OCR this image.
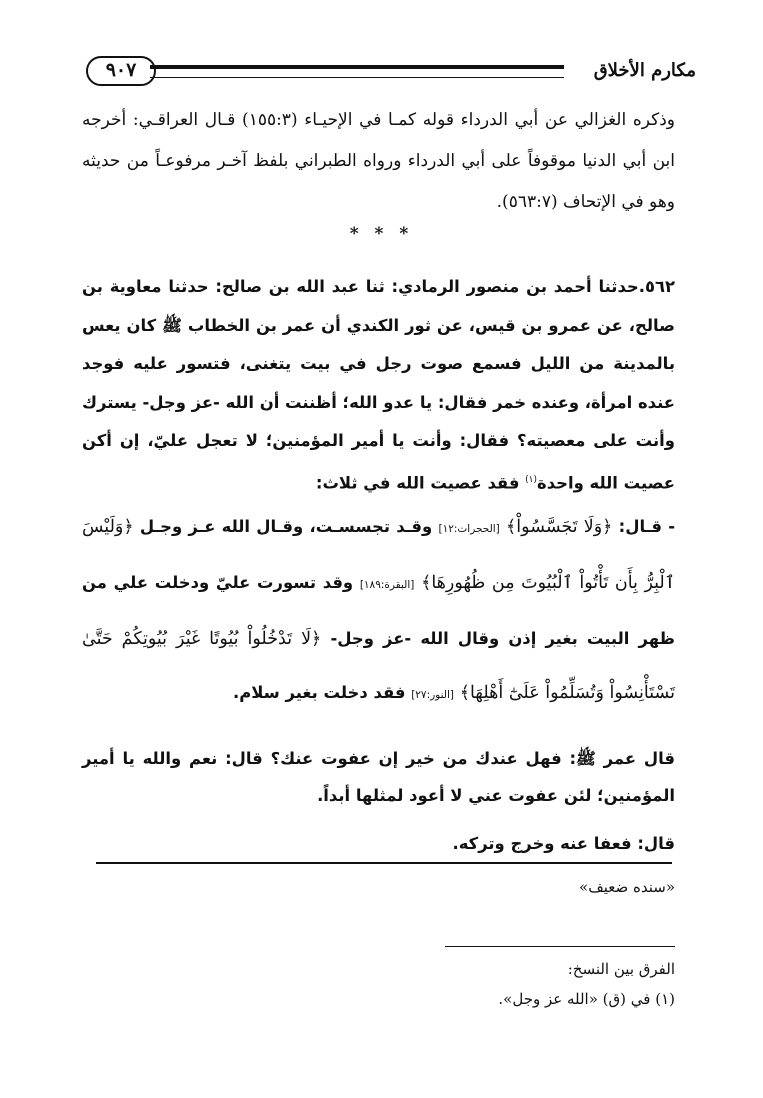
مكارم الأخلاق
٩٠٧
وذكره الغزالي عن أبي الدرداء قوله كمـا في الإحيـاء (١٥٥:٣) قـال العراقـي: أخرجه ابن أبي الدنيا موقوفاً على أبي الدرداء ورواه الطبراني بلفظ آخـر مرفوعـاً من حديثه وهو في الإتحاف (٥٦٣:٧).
* * *
٥٦٢.حدثنا أحمد بن منصور الرمادي: ثنا عبد الله بن صالح: حدثنا معاوية بن صالح، عن عمرو بن قيس، عن ثور الكندي أن عمر بن الخطاب ﷺ كان يعس بالمدينة من الليل فسمع صوت رجل في بيت يتغنى، فتسور عليه فوجد عنده امرأة، وعنده خمر فقال: يا عدو الله؛ أظننت أن الله -عز وجل- يسترك وأنت على معصيته؟ فقال: وأنت يا أمير المؤمنين؛ لا تعجل عليّ، إن أكن عصيت الله واحدة$^{(١)}$ فقد عصيت الله في ثلاث:
- قـال: ﴿وَلَا تَجَسَّسُواْ﴾ [الحجرات:١٢] وقـد تجسسـت، وقـال الله عـز وجـل ﴿وَلَيْسَ ٱلْبِرُّ بِأَن تَأْتُواْ ٱلْبُيُوتَ مِن ظُهُورِهَا﴾ [البقرة:١٨٩] وقد تسورت عليّ ودخلت علي من ظهر البيت بغير إذن وقال الله -عز وجل- ﴿لَا تَدْخُلُواْ بُيُوتًا غَيْرَ بُيُوتِكُمْ حَتَّىٰ تَسْتَأْنِسُواْ وَتُسَلِّمُواْ عَلَىٰٓ أَهْلِهَا﴾ [النور:٢٧] فقد دخلت بغير سلام.
قال عمر ﷺ: فهل عندك من خير إن عفوت عنك؟ قال: نعم والله يا أمير المؤمنين؛ لئن عفوت عني لا أعود لمثلها أبداً.
قال: فعفا عنه وخرج وتركه.
«سنده ضعيف»
الفرق بين النسخ:
(١) في (ق) «الله عز وجل».
